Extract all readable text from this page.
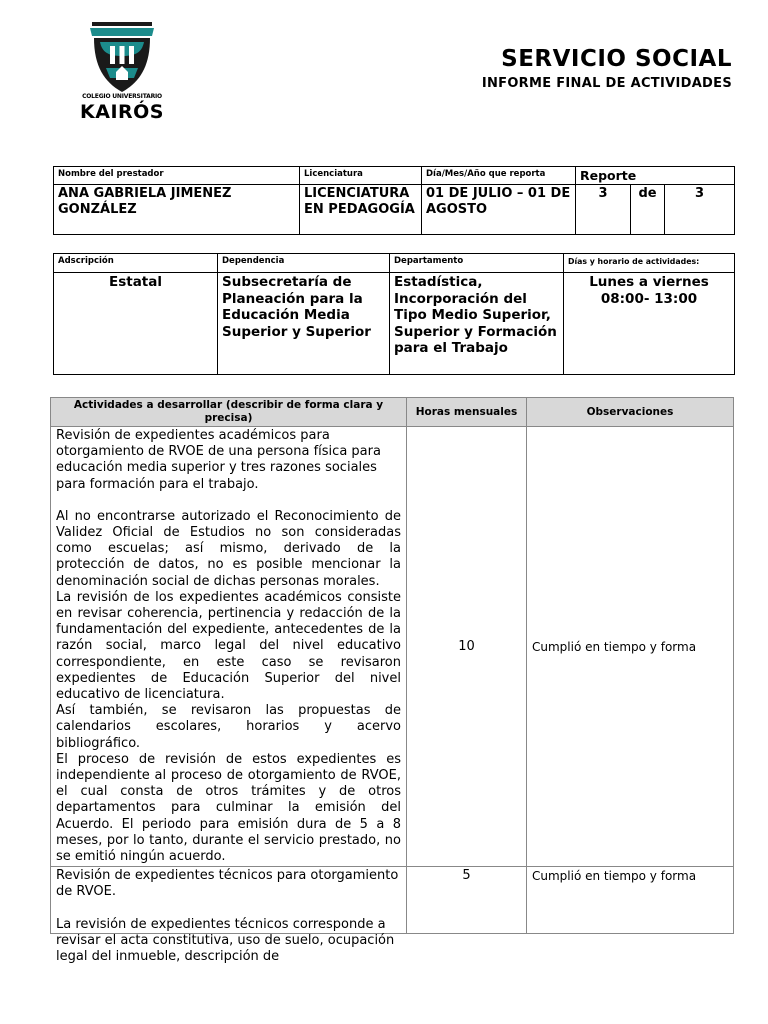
COLEGIO UNIVERSITARIO
KAIRÓS
SERVICIO SOCIAL
INFORME FINAL DE ACTIVIDADES
Nombre del prestador	Licenciatura	Día/Mes/Año que reporta	Reporte		
ANA GABRIELA JIMENEZ GONZÁLEZ	LICENCIATURA EN PEDAGOGÍA	01 DE JULIO – 01 DE AGOSTO	3	de	3
Adscripción	Dependencia	Departamento	Días y horario de actividades:
Estatal	Subsecretaría de Planeación para la Educación Media Superior y Superior	Estadística, Incorporación del Tipo Medio Superior, Superior y Formación para el Trabajo	Lunes a viernes
08:00- 13:00
Actividades a desarrollar (describir de forma clara y precisa)	Horas mensuales	Observaciones

Revisión de expedientes académicos para otorgamiento de RVOE de una persona física para educación media superior y tres razones sociales para formación para el trabajo.

Al no encontrarse autorizado el Reconocimiento de Validez Oficial de Estudios no son consideradas como escuelas; así mismo, derivado de la protección de datos, no es posible mencionar la denominación social de dichas personas morales.

La revisión de los expedientes académicos consiste en revisar coherencia, pertinencia y redacción de la fundamentación del expediente, antecedentes de la razón social, marco legal del nivel educativo correspondiente, en este caso se revisaron expedientes de Educación Superior del nivel educativo de licenciatura.

Así también, se revisaron las propuestas de calendarios escolares, horarios y acervo bibliográfico.

El proceso de revisión de estos expedientes es independiente al proceso de otorgamiento de RVOE, el cual consta de otros trámites y de otros departamentos para culminar la emisión del Acuerdo. El periodo para emisión dura de 5 a 8 meses, por lo tanto, durante el servicio prestado, no se emitió ningún acuerdo.	10	Cumplió en tiempo y forma

Revisión de expedientes técnicos para otorgamiento de RVOE.

La revisión de expedientes técnicos corresponde a revisar el acta constitutiva, uso de suelo, ocupación legal del inmueble, descripción de	5	Cumplió en tiempo y forma
